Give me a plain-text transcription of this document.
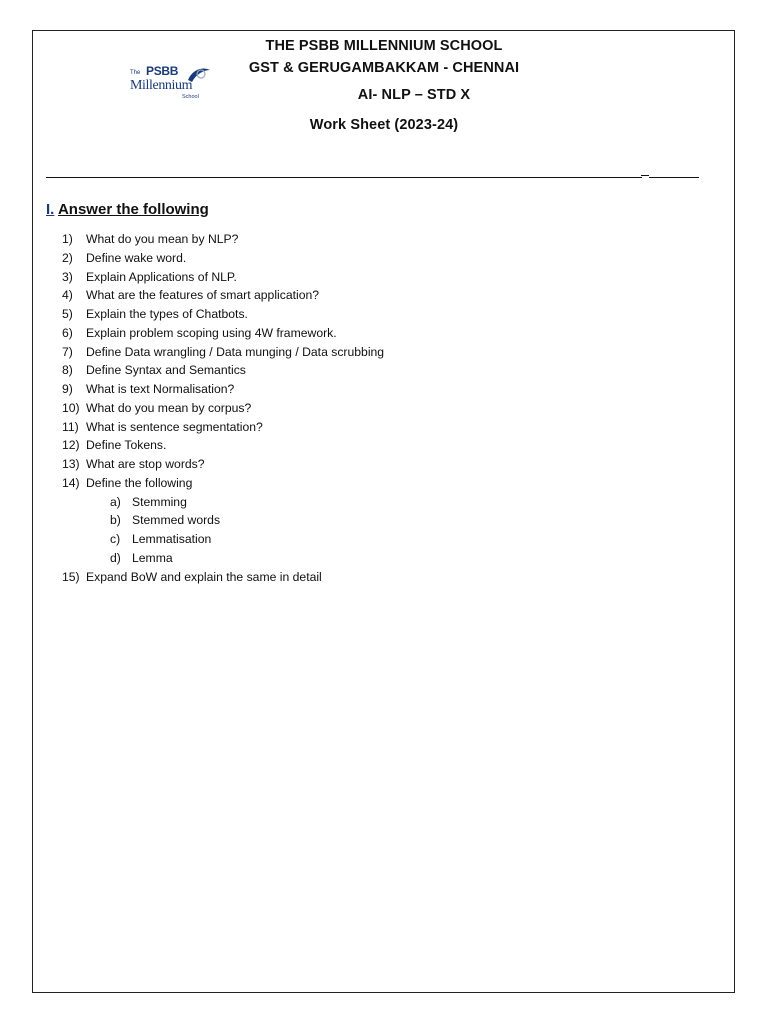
THE PSBB MILLENNIUM SCHOOL
GST & GERUGAMBAKKAM - CHENNAI
AI- NLP – STD X
Work Sheet (2023-24)
The PSBB
Millennium
School
I. Answer the following
1) What do you mean by NLP?
2) Define wake word.
3) Explain Applications of NLP.
4) What are the features of smart application?
5) Explain the types of Chatbots.
6) Explain problem scoping using 4W framework.
7) Define Data wrangling / Data munging / Data scrubbing
8) Define Syntax and Semantics
9) What is text Normalisation?
10) What do you mean by corpus?
11) What is sentence segmentation?
12) Define Tokens.
13) What are stop words?
14) Define the following
a) Stemming
b) Stemmed words
c) Lemmatisation
d) Lemma
15) Expand BoW and explain the same in detail
